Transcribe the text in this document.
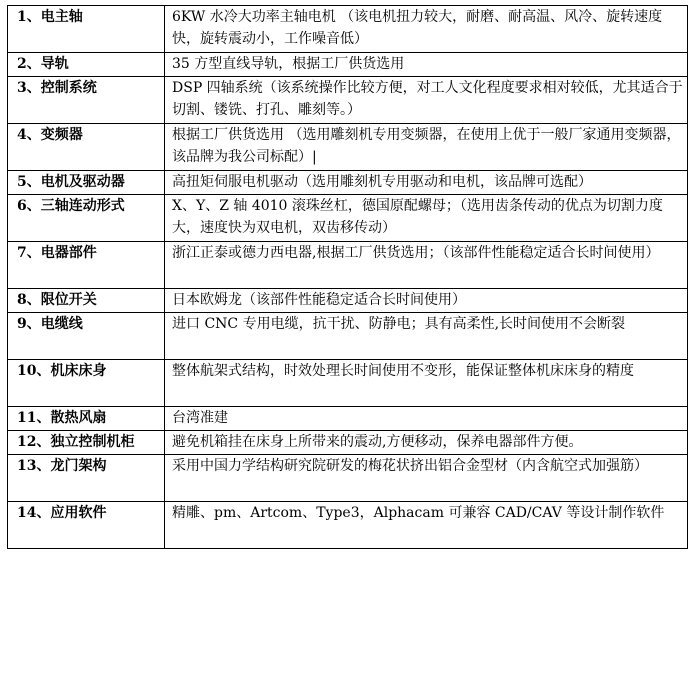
1、电主轴	6KW 水冷大功率主轴电机 （该电机扭力较大，耐磨、耐高温、风冷、旋转速度快，旋转震动小，工作噪音低）
2、导轨	35 方型直线导轨，根据工厂供货选用
3、控制系统	DSP 四轴系统（该系统操作比较方便，对工人文化程度要求相对较低，尤其适合于切割、镂铣、打孔、雕刻等。）
4、变频器	根据工厂供货选用 （选用雕刻机专用变频器，在使用上优于一般厂家通用变频器，该品牌为我公司标配）|
5、电机及驱动器	高扭矩伺服电机驱动（选用雕刻机专用驱动和电机，该品牌可选配）
6、三轴连动形式	X、Y、Z 轴 4010 滚珠丝杠，德国原配螺母；（选用齿条传动的优点为切割力度大，速度快为双电机，双齿移传动）
7、电器部件	浙江正泰或德力西电器,根据工厂供货选用；（该部件性能稳定适合长时间使用）
8、限位开关	日本欧姆龙（该部件性能稳定适合长时间使用）
9、电缆线	进口 CNC 专用电缆，抗干扰、防静电；具有高柔性,长时间使用不会断裂
10、机床床身	整体航架式结构，时效处理长时间使用不变形，能保证整体机床床身的精度
11、散热风扇	台湾准建
12、独立控制机柜	避免机箱挂在床身上所带来的震动,方便移动，保养电器部件方便。
13、龙门架构	采用中国力学结构研究院研发的梅花状挤出铝合金型材（内含航空式加强筋）
14、应用软件	精雕、pm、Artcom、Type3，Alphacam 可兼容 CAD/CAV 等设计制作软件
